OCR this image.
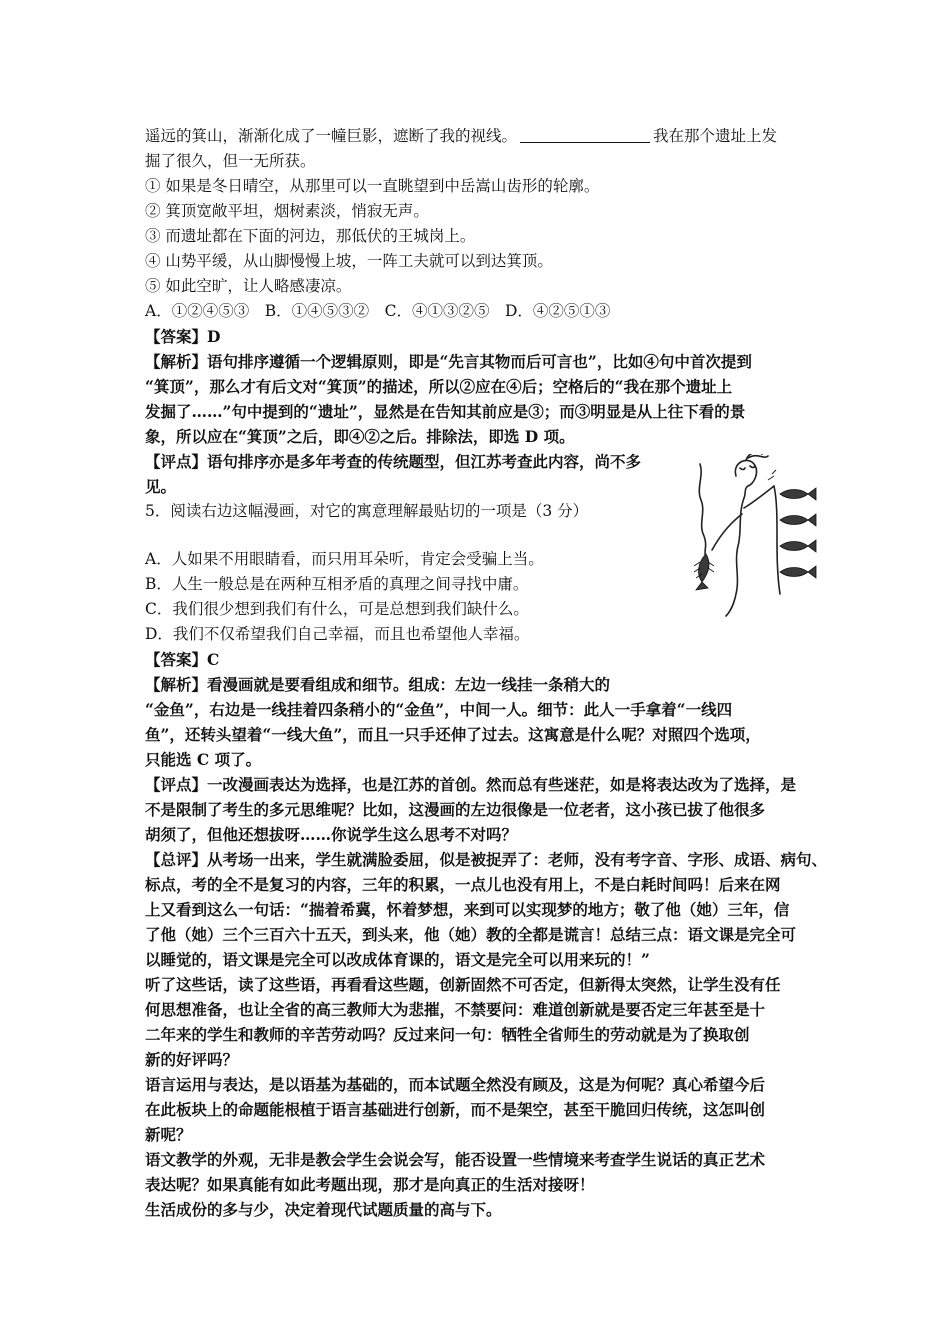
遥远的箕山，渐渐化成了一幢巨影，遮断了我的视线。	我在那个遗址上发
掘了很久，但一无所获。
① 如果是冬日晴空，从那里可以一直眺望到中岳嵩山齿形的轮廓。
② 箕顶宽敞平坦，烟树素淡，悄寂无声。
③ 而遗址都在下面的河边，那低伏的王城岗上。
④ 山势平缓，从山脚慢慢上坡，一阵工夫就可以到达箕顶。
⑤ 如此空旷，让人略感凄凉。
A．①②④⑤③　B．①④⑤③②　C．④①③②⑤　D．④②⑤①③
【答案】D
【解析】语句排序遵循一个逻辑原则，即是“先言其物而后可言也”，比如④句中首次提到
“箕顶”，那么才有后文对“箕顶”的描述，所以②应在④后；空格后的“我在那个遗址上
发掘了……”句中提到的“遗址”，显然是在告知其前应是③；而③明显是从上往下看的景
象，所以应在“箕顶”之后，即④②之后。排除法，即选 D 项。
【评点】语句排序亦是多年考查的传统题型，但江苏考查此内容，尚不多
见。
5．阅读右边这幅漫画，对它的寓意理解最贴切的一项是（3 分）
A．人如果不用眼睛看，而只用耳朵听，肯定会受骗上当。
B．人生一般总是在两种互相矛盾的真理之间寻找中庸。
C．我们很少想到我们有什么，可是总想到我们缺什么。
D．我们不仅希望我们自己幸福，而且也希望他人幸福。
【答案】C
【解析】看漫画就是要看组成和细节。组成：左边一线挂一条稍大的
“金鱼”，右边是一线挂着四条稍小的“金鱼”，中间一人。细节：此人一手拿着“一线四
鱼”，还转头望着“一线大鱼”，而且一只手还伸了过去。这寓意是什么呢？对照四个选项，
只能选 C 项了。
【评点】一改漫画表达为选择，也是江苏的首创。然而总有些迷茫，如是将表达改为了选择，是
不是限制了考生的多元思维呢？比如，这漫画的左边很像是一位老者，这小孩已拔了他很多
胡须了，但他还想拔呀……你说学生这么思考不对吗？
【总评】从考场一出来，学生就满脸委屈，似是被捉弄了：老师，没有考字音、字形、成语、病句、
标点，考的全不是复习的内容，三年的积累，一点儿也没有用上，不是白耗时间吗！后来在网
上又看到这么一句话：“揣着希冀，怀着梦想，来到可以实现梦的地方；敬了他（她）三年，信
了他（她）三个三百六十五天，到头来，他（她）教的全都是谎言！总结三点：语文课是完全可
以睡觉的，语文课是完全可以改成体育课的，语文是完全可以用来玩的！”
听了这些话，读了这些语，再看看这些题，创新固然不可否定，但新得太突然，让学生没有任
何思想准备，也让全省的高三教师大为悲摧，不禁要问：难道创新就是要否定三年甚至是十
二年来的学生和教师的辛苦劳动吗？反过来问一句：牺牲全省师生的劳动就是为了换取创
新的好评吗？
语言运用与表达，是以语基为基础的，而本试题全然没有顾及，这是为何呢？真心希望今后
在此板块上的命题能根植于语言基础进行创新，而不是架空，甚至干脆回归传统，这怎叫创
新呢？
语文教学的外观，无非是教会学生会说会写，能否设置一些情境来考查学生说话的真正艺术
表达呢？如果真能有如此考题出现，那才是向真正的生活对接呀！
生活成份的多与少，决定着现代试题质量的高与下。
